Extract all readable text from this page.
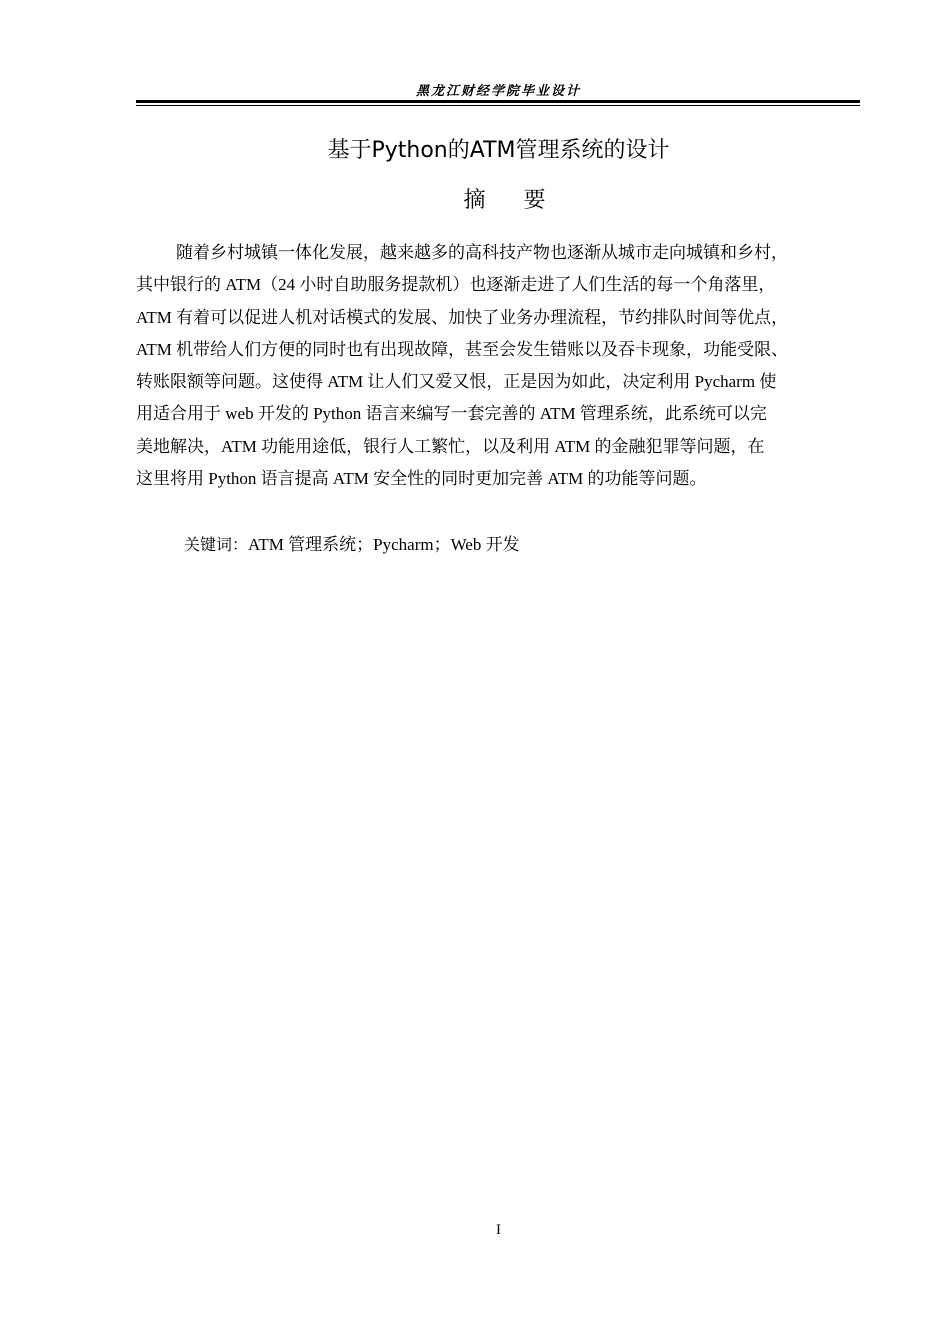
黑龙江财经学院毕业设计
基于Python的ATM管理系统的设计
摘要
随着乡村城镇一体化发展，越来越多的高科技产物也逐渐从城市走向城镇和乡村，
其中银行的 ATM（24 小时自助服务提款机）也逐渐走进了人们生活的每一个角落里，
ATM 有着可以促进人机对话模式的发展、加快了业务办理流程，节约排队时间等优点，
ATM 机带给人们方便的同时也有出现故障，甚至会发生错账以及吞卡现象，功能受限、
转账限额等问题。这使得 ATM 让人们又爱又恨，正是因为如此，决定利用 Pycharm 使
用适合用于 web 开发的 Python 语言来编写一套完善的 ATM 管理系统，此系统可以完
美地解决，ATM 功能用途低，银行人工繁忙，以及利用 ATM 的金融犯罪等问题，在
这里将用 Python 语言提高 ATM 安全性的同时更加完善 ATM 的功能等问题。
关键词：ATM 管理系统；Pycharm；Web 开发
I
